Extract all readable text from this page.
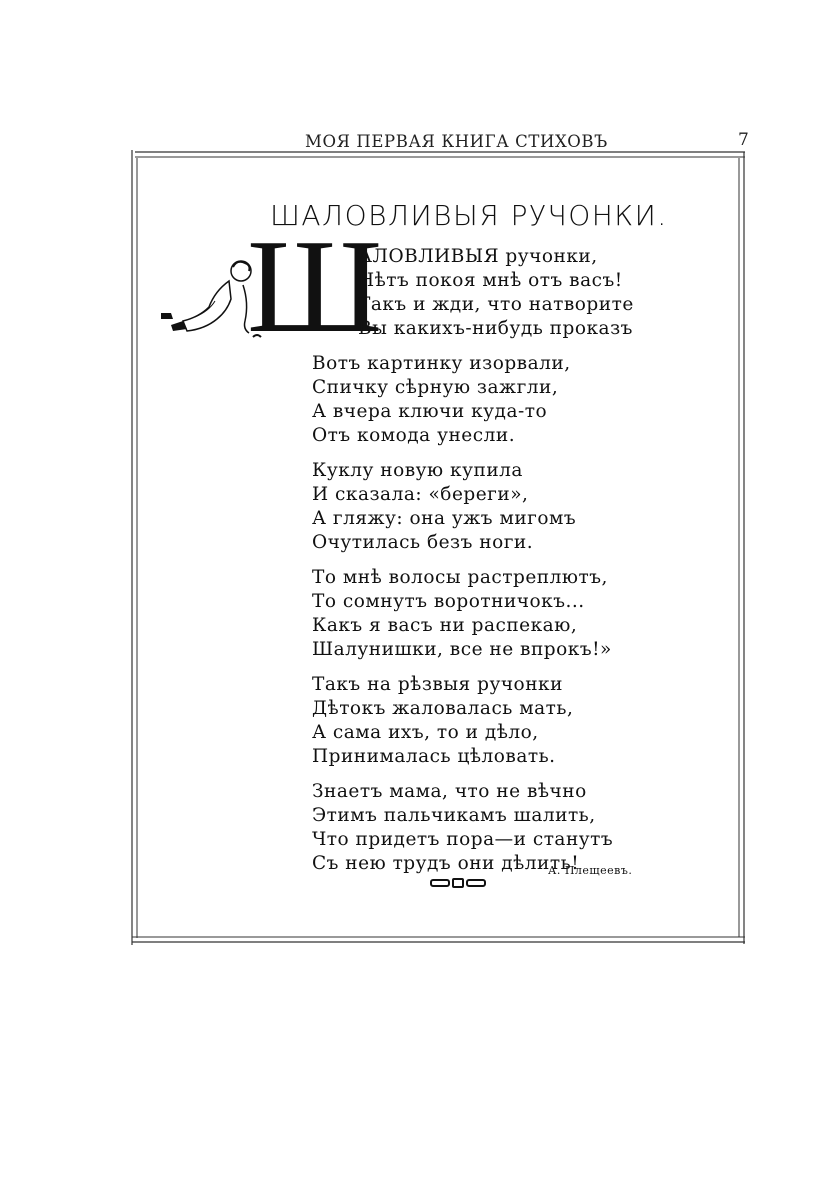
МОЯ ПЕРВАЯ КНИГА СТИХОВЪ	7
ШАЛОВЛИВЫЯ РУЧОНКИ.
Ш
АЛОВЛИВЫЯ ручонки,
Нѣтъ покоя мнѣ отъ васъ!
Такъ и жди, что натворите
Вы какихъ-нибудь проказъ
Вотъ картинку изорвали,
Спичку сѣрную зажгли,
А вчера ключи куда-то
Отъ комода унесли.
Куклу новую купила
И сказала: «береги»,
А гляжу: она ужъ мигомъ
Очутилась безъ ноги.
То мнѣ волосы растреплютъ,
То сомнутъ воротничокъ...
Какъ я васъ ни распекаю,
Шалунишки, все не впрокъ!»
Такъ на рѣзвыя ручонки
Дѣтокъ жаловалась мать,
А сама ихъ, то и дѣло,
Принималась цѣловать.
Знаетъ мама, что не вѣчно
Этимъ пальчикамъ шалить,
Что придетъ пора—и станутъ
Съ нею трудъ они дѣлить!
А. Плещеевъ.
